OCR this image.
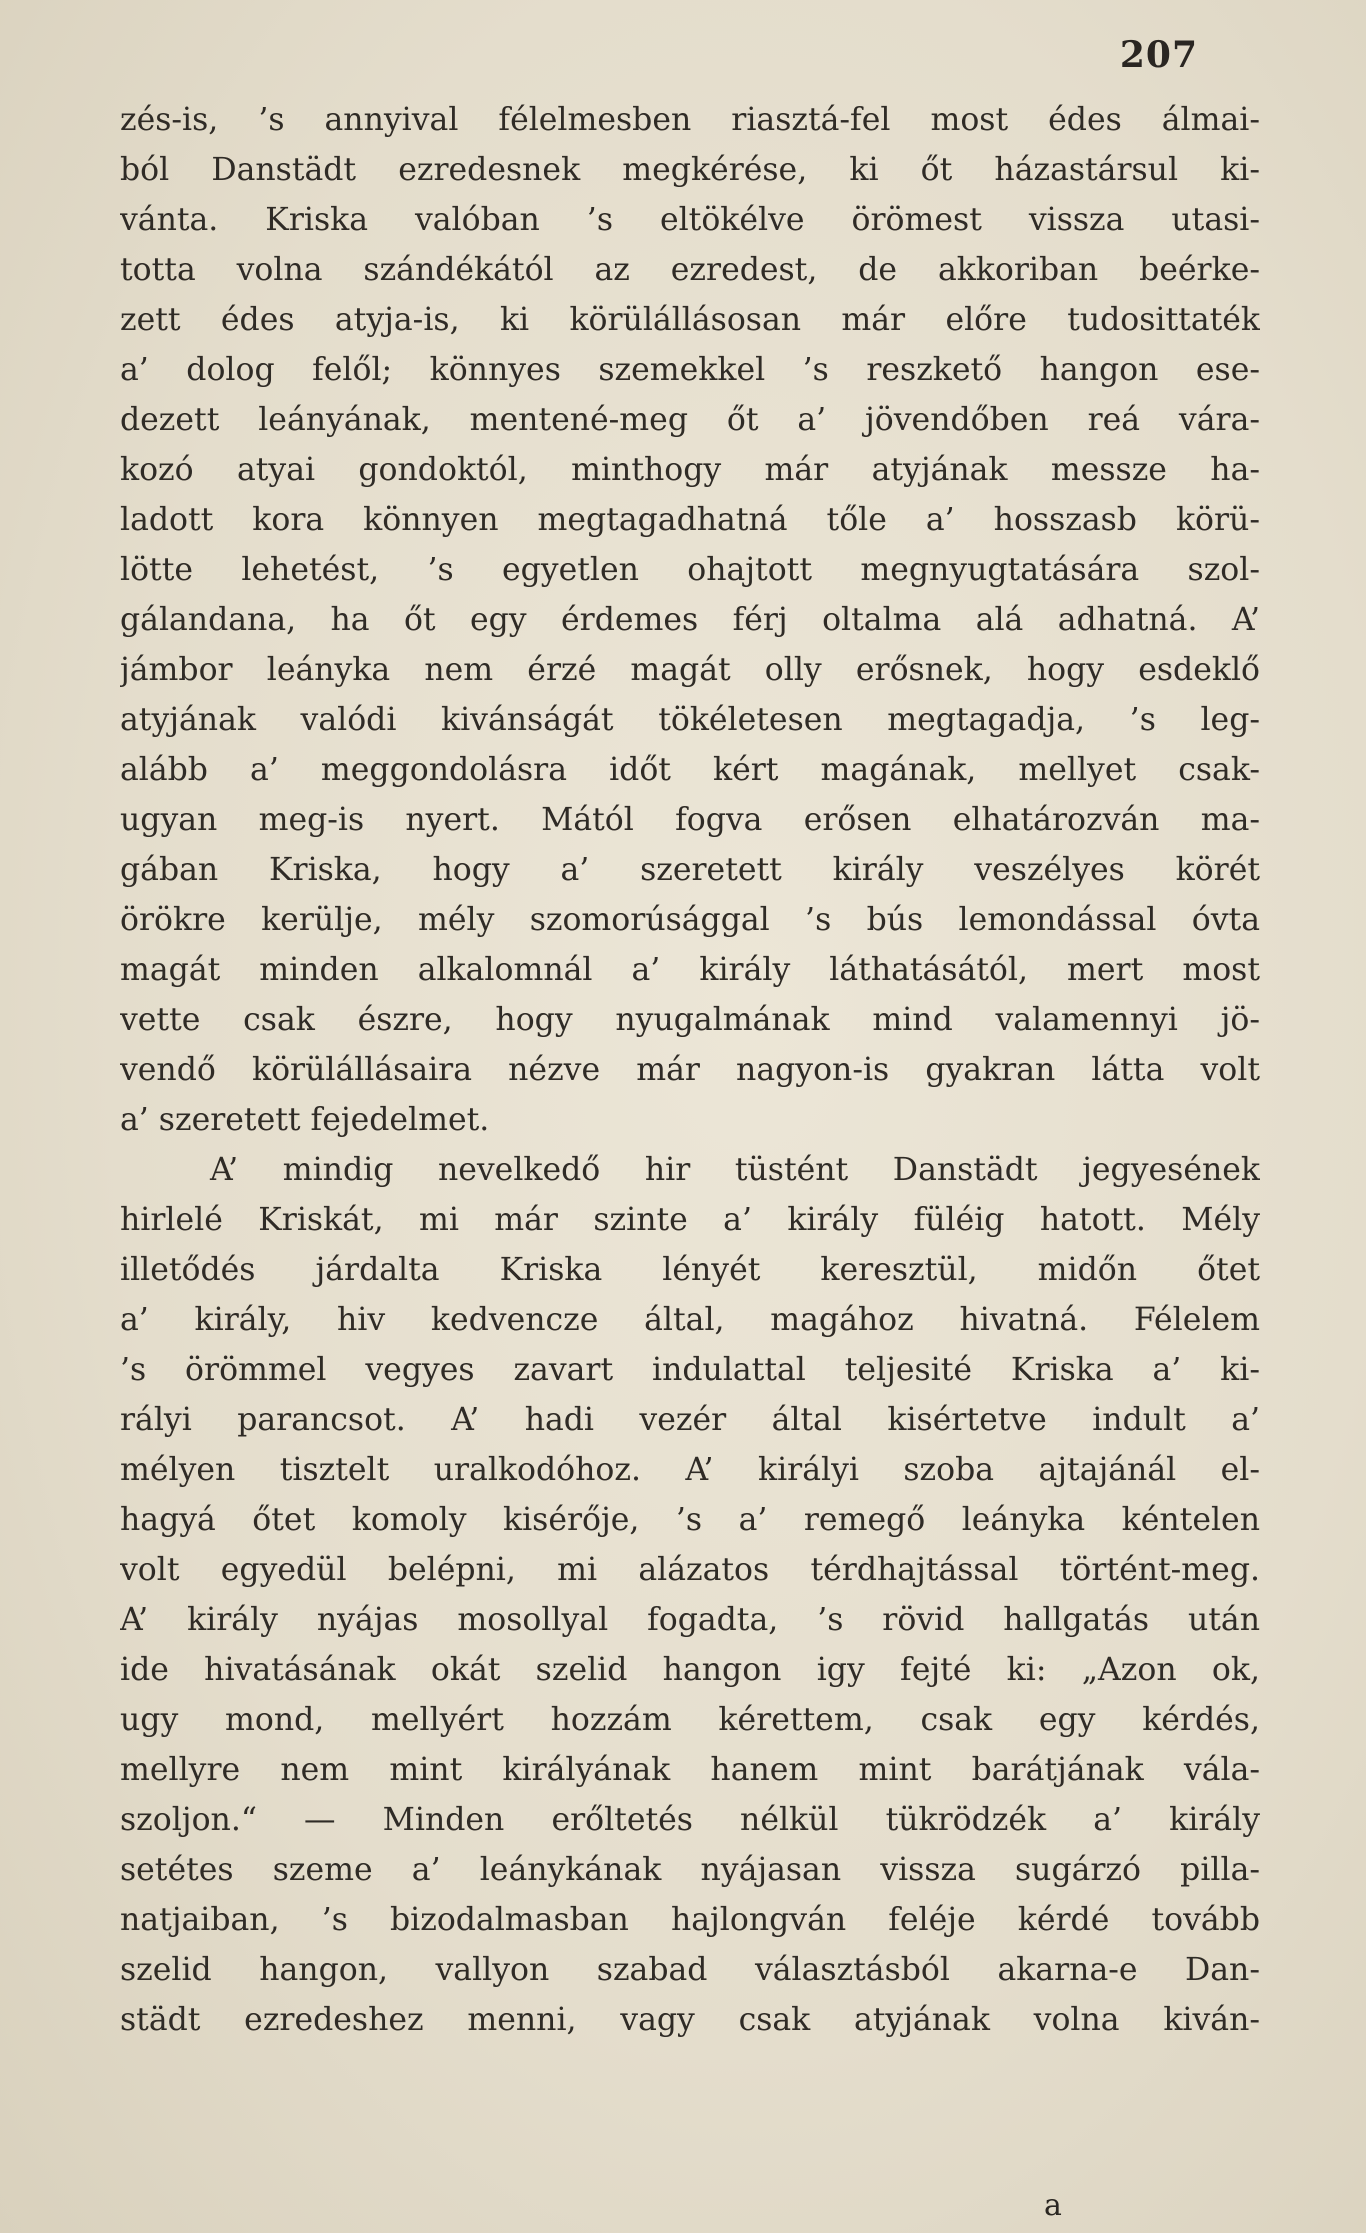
207
zés-is, ’s annyival félelmesben riasztá-fel most édes álmai-
ból Danstädt ezredesnek megkérése, ki őt házastársul ki-
vánta. Kriska valóban ’s eltökélve örömest vissza utasi-
totta volna szándékától az ezredest, de akkoriban beérke-
zett édes atyja-is, ki körülállásosan már előre tudosittaték
a’ dolog felől; könnyes szemekkel ’s reszkető hangon ese-
dezett leányának, mentené-meg őt a’ jövendőben reá vára-
kozó atyai gondoktól, minthogy már atyjának messze ha-
ladott kora könnyen megtagadhatná tőle a’ hosszasb körü-
lötte lehetést, ’s egyetlen ohajtott megnyugtatására szol-
gálandana, ha őt egy érdemes férj oltalma alá adhatná. A’
jámbor leányka nem érzé magát olly erősnek, hogy esdeklő
atyjának valódi kivánságát tökéletesen megtagadja, ’s leg-
alább a’ meggondolásra időt kért magának, mellyet csak-
ugyan meg-is nyert. Mától fogva erősen elhatározván ma-
gában Kriska, hogy a’ szeretett király veszélyes körét
örökre kerülje, mély szomorúsággal ’s bús lemondással óvta
magát minden alkalomnál a’ király láthatásától, mert most
vette csak észre, hogy nyugalmának mind valamennyi jö-
vendő körülállásaira nézve már nagyon-is gyakran látta volt
a’ szeretett fejedelmet.
A’ mindig nevelkedő hir tüstént Danstädt jegyesének
hirlelé Kriskát, mi már szinte a’ király füléig hatott. Mély
illetődés járdalta Kriska lényét keresztül, midőn őtet
a’ király, hiv kedvencze által, magához hivatná. Félelem
’s örömmel vegyes zavart indulattal teljesité Kriska a’ ki-
rályi parancsot. A’ hadi vezér által kisértetve indult a’
mélyen tisztelt uralkodóhoz. A’ királyi szoba ajtajánál el-
hagyá őtet komoly kisérője, ’s a’ remegő leányka kéntelen
volt egyedül belépni, mi alázatos térdhajtással történt-meg.
A’ király nyájas mosollyal fogadta, ’s rövid hallgatás után
ide hivatásának okát szelid hangon igy fejté ki: „Azon ok,
ugy mond, mellyért hozzám kérettem, csak egy kérdés,
mellyre nem mint királyának hanem mint barátjának vála-
szoljon.“ — Minden erőltetés nélkül tükrödzék a’ király
setétes szeme a’ leánykának nyájasan vissza sugárzó pilla-
natjaiban, ’s bizodalmasban hajlongván feléje kérdé tovább
szelid hangon, vallyon szabad választásból akarna-e Dan-
städt ezredeshez menni, vagy csak atyjának volna kiván-
a
